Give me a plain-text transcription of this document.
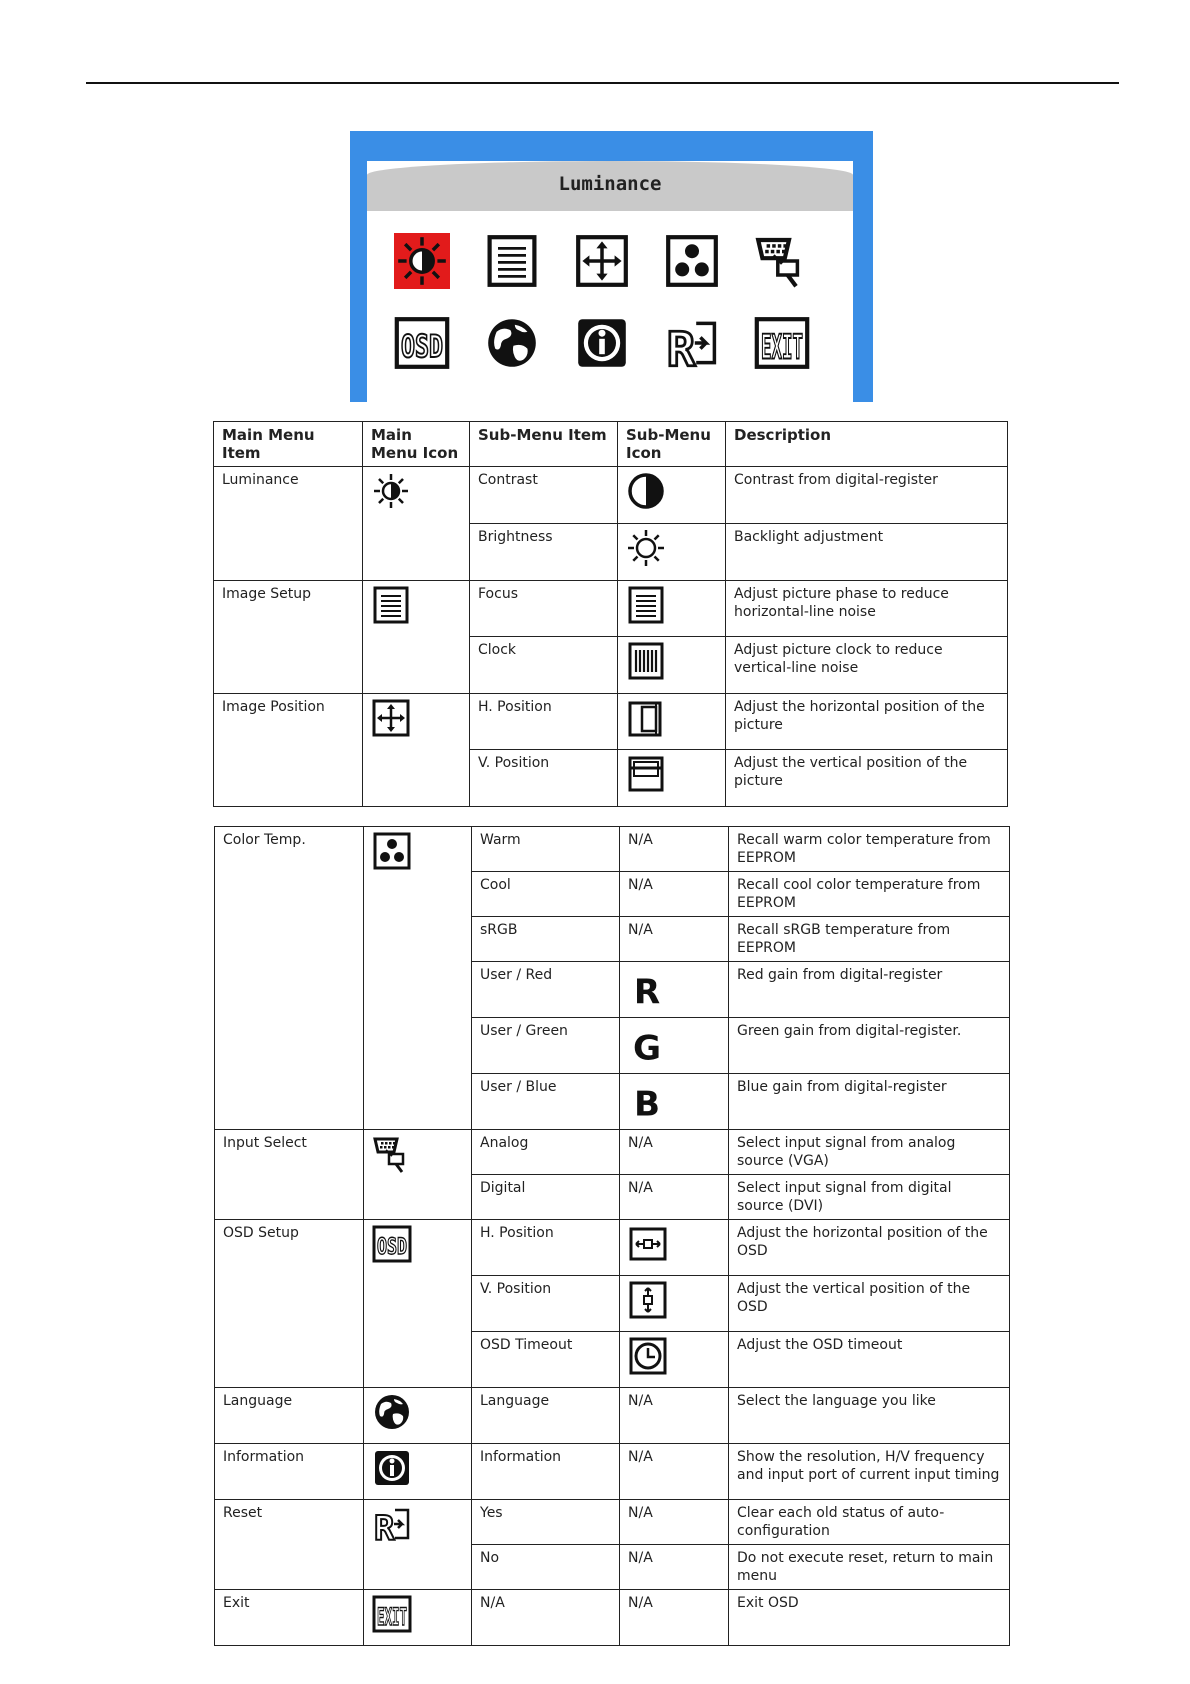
Luminance
OSD	R	EXIT
Main Menu Item	Main Menu Icon	Sub-Menu Item	Sub-Menu Icon	Description
Luminance		Contrast		Contrast from digital-register
		Brightness		Backlight adjustment
Image Setup		Focus		Adjust picture phase to reduce horizontal-line noise
		Clock		Adjust picture clock to reduce vertical-line noise
Image Position		H. Position		Adjust the horizontal position of the picture
		V. Position		Adjust the vertical position of the picture
Color Temp.		Warm	N/A	Recall warm color temperature from EEPROM
		Cool	N/A	Recall cool color temperature from EEPROM
		sRGB	N/A	Recall sRGB temperature from EEPROM
		User / Red	R	Red gain from digital-register
		User / Green	G	Green gain from digital-register.
		User / Blue	B	Blue gain from digital-register
Input Select		Analog	N/A	Select input signal from analog source (VGA)
		Digital	N/A	Select input signal from digital source (DVI)
OSD Setup	OSD	H. Position		Adjust the horizontal position of the OSD
		V. Position		Adjust the vertical position of the OSD
		OSD Timeout		Adjust the OSD timeout
Language		Language	N/A	Select the language you like
Information		Information	N/A	Show the resolution, H/V frequency and input port of current input timing
Reset	R	Yes	N/A	Clear each old status of auto-configuration
		No	N/A	Do not execute reset, return to main menu
Exit	EXIT	N/A	N/A	Exit OSD
